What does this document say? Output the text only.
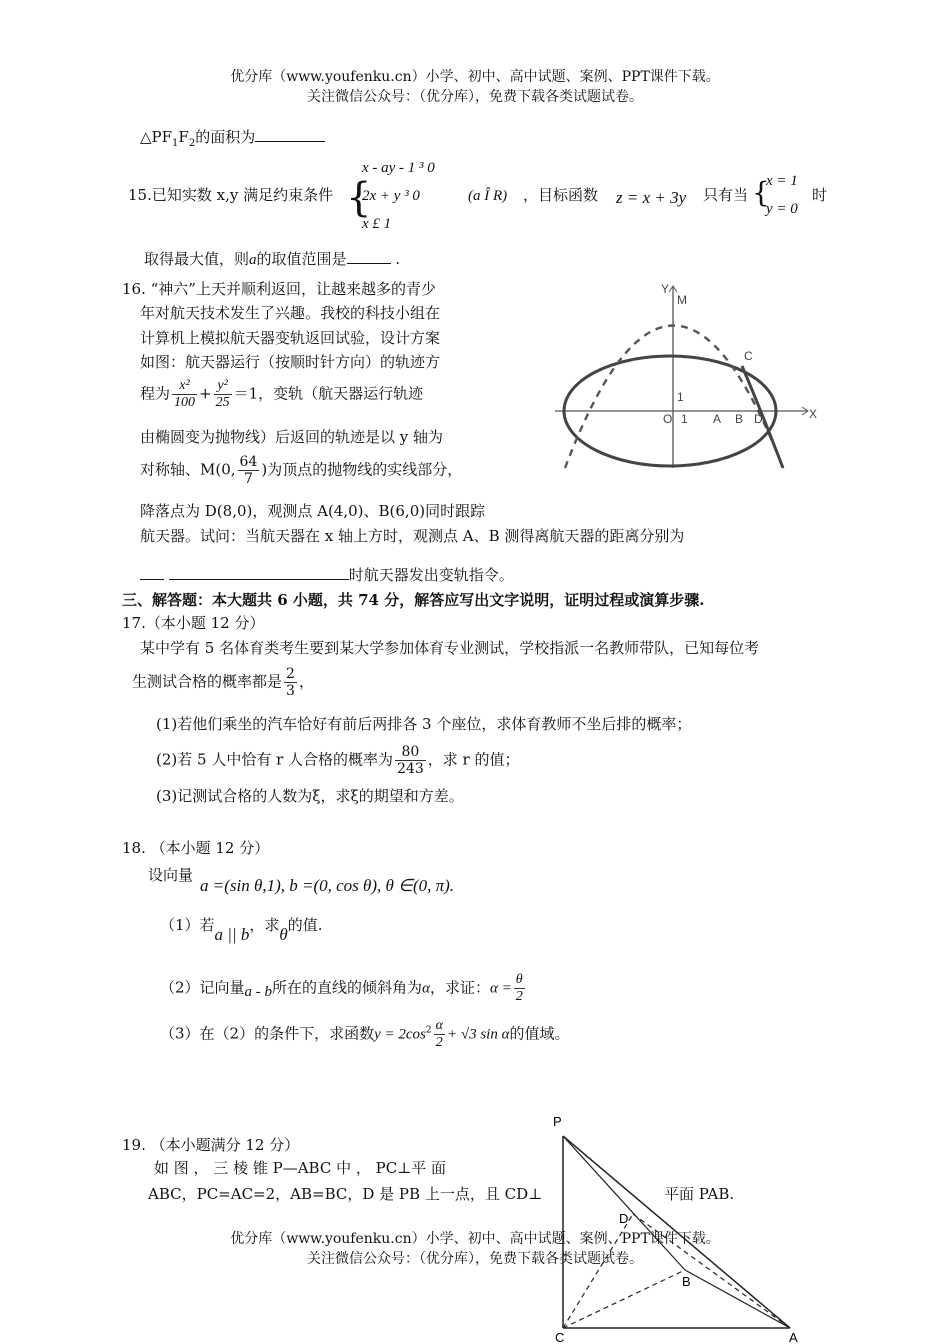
优分库（www.youfenku.cn）小学、初中、高中试题、案例、PPT课件下载。
关注微信公众号：（优分库），免费下载各类试题试卷。
$\triangle PF_1F_2$的面积为
15.已知实数 x,y 满足约束条件 {
x - ay - 1 ³ 0
2x + y ³ 0
x £ 1
(a Î R) ，目标函数 z = x + 3y 只有当 {
x = 1
y = 0
时
取得最大值，则a的取值范围是	.
16. “神六”上天并顺利返回，让越来越多的青少
年对航天技术发生了兴趣。我校的科技小组在
计算机上模拟航天器变轨返回试验，设计方案
如图：航天器运行（按顺时针方向）的轨迹方
程为 $\frac{\text{x²}}{100} + \frac{\text{y²}}{25} =1$，变轨（航天器运行轨迹
由椭圆变为抛物线）后返回的轨迹是以 y 轴为
对称轴、M(0, $\frac{64}{7}$ )为顶点的抛物线的实线部分，
降落点为 D(8,0)，观测点 A(4,0)、B(6,0)同时跟踪
航天器。试问：当航天器在 x 轴上方时，观测点 A、B 测得离航天器的距离分别为
时航天器发出变轨指令。
Y
M
C
1
O 1 A B D	X
三、解答题：本大题共 6 小题，共 74 分，解答应写出文字说明，证明过程或演算步骤.
17.（本小题 12 分）
某中学有 5 名体育类考生要到某大学参加体育专业测试，学校指派一名教师带队，已知每位考
生测试合格的概率都是 $\frac{2}{3}$ ，
(1)若他们乘坐的汽车恰好有前后两排各 3 个座位，求体育教师不坐后排的概率；
(2)若 5 人中恰有 r 人合格的概率为 $\frac{80}{243}$ ，求 r 的值；
(3)记测试合格的人数为ξ，求ξ的期望和方差。
18. （本小题 12 分）
设向量
a =(sin θ,1), b =(0, cos θ), θ ∈(0, π).
（1）若a || b，求θ的值.
（2）记向量a - b所在的直线的倾斜角为α，求证：$\alpha = \frac{\theta}{2}$
（3）在（2）的条件下，求函数$y = 2\cos^2 \frac{\alpha}{2} + √3$ sin α的值域。
19. （本小题满分 12 分）
如 图 ， 三 棱 锥 P—ABC 中 ， PC⊥平 面
ABC，PC=AC=2，AB=BC，D 是 PB 上一点，且 CD⊥	平面 PAB.
P
D
B
C	A
优分库（www.youfenku.cn）小学、初中、高中试题、案例、PPT课件下载。
关注微信公众号：（优分库），免费下载各类试题试卷。
